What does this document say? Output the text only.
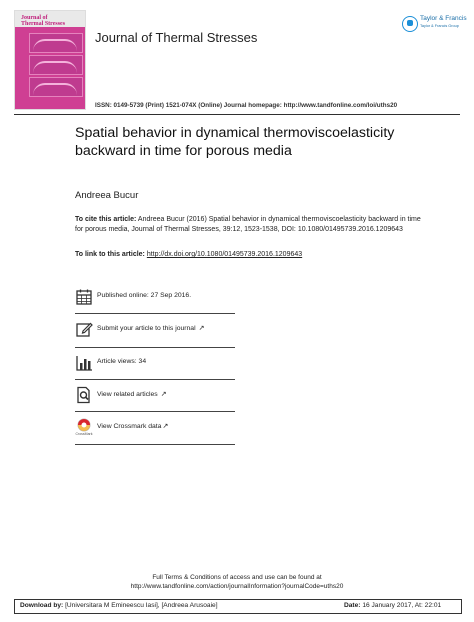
Journal of
Thermal Stresses
Journal of Thermal Stresses
Taylor & Francis
Taylor & Francis Group
ISSN: 0149-5739 (Print) 1521-074X (Online) Journal homepage: http://www.tandfonline.com/loi/uths20
Spatial behavior in dynamical thermoviscoelasticity backward in time for porous media
Andreea Bucur
To cite this article: Andreea Bucur (2016) Spatial behavior in dynamical thermoviscoelasticity backward in time for porous media, Journal of Thermal Stresses, 39:12, 1523-1538, DOI: 10.1080/01495739.2016.1209643
To link to this article: http://dx.doi.org/10.1080/01495739.2016.1209643
Published online: 27 Sep 2016.
Submit your article to this journal ↗
Article views: 34
View related articles ↗
CrossMark
View Crossmark data↗
Full Terms & Conditions of access and use can be found at
http://www.tandfonline.com/action/journalInformation?journalCode=uths20
Download by: [Universitara M Emineescu Iasi], [Andreea Arusoaie]	Date: 16 January 2017, At: 22:01
